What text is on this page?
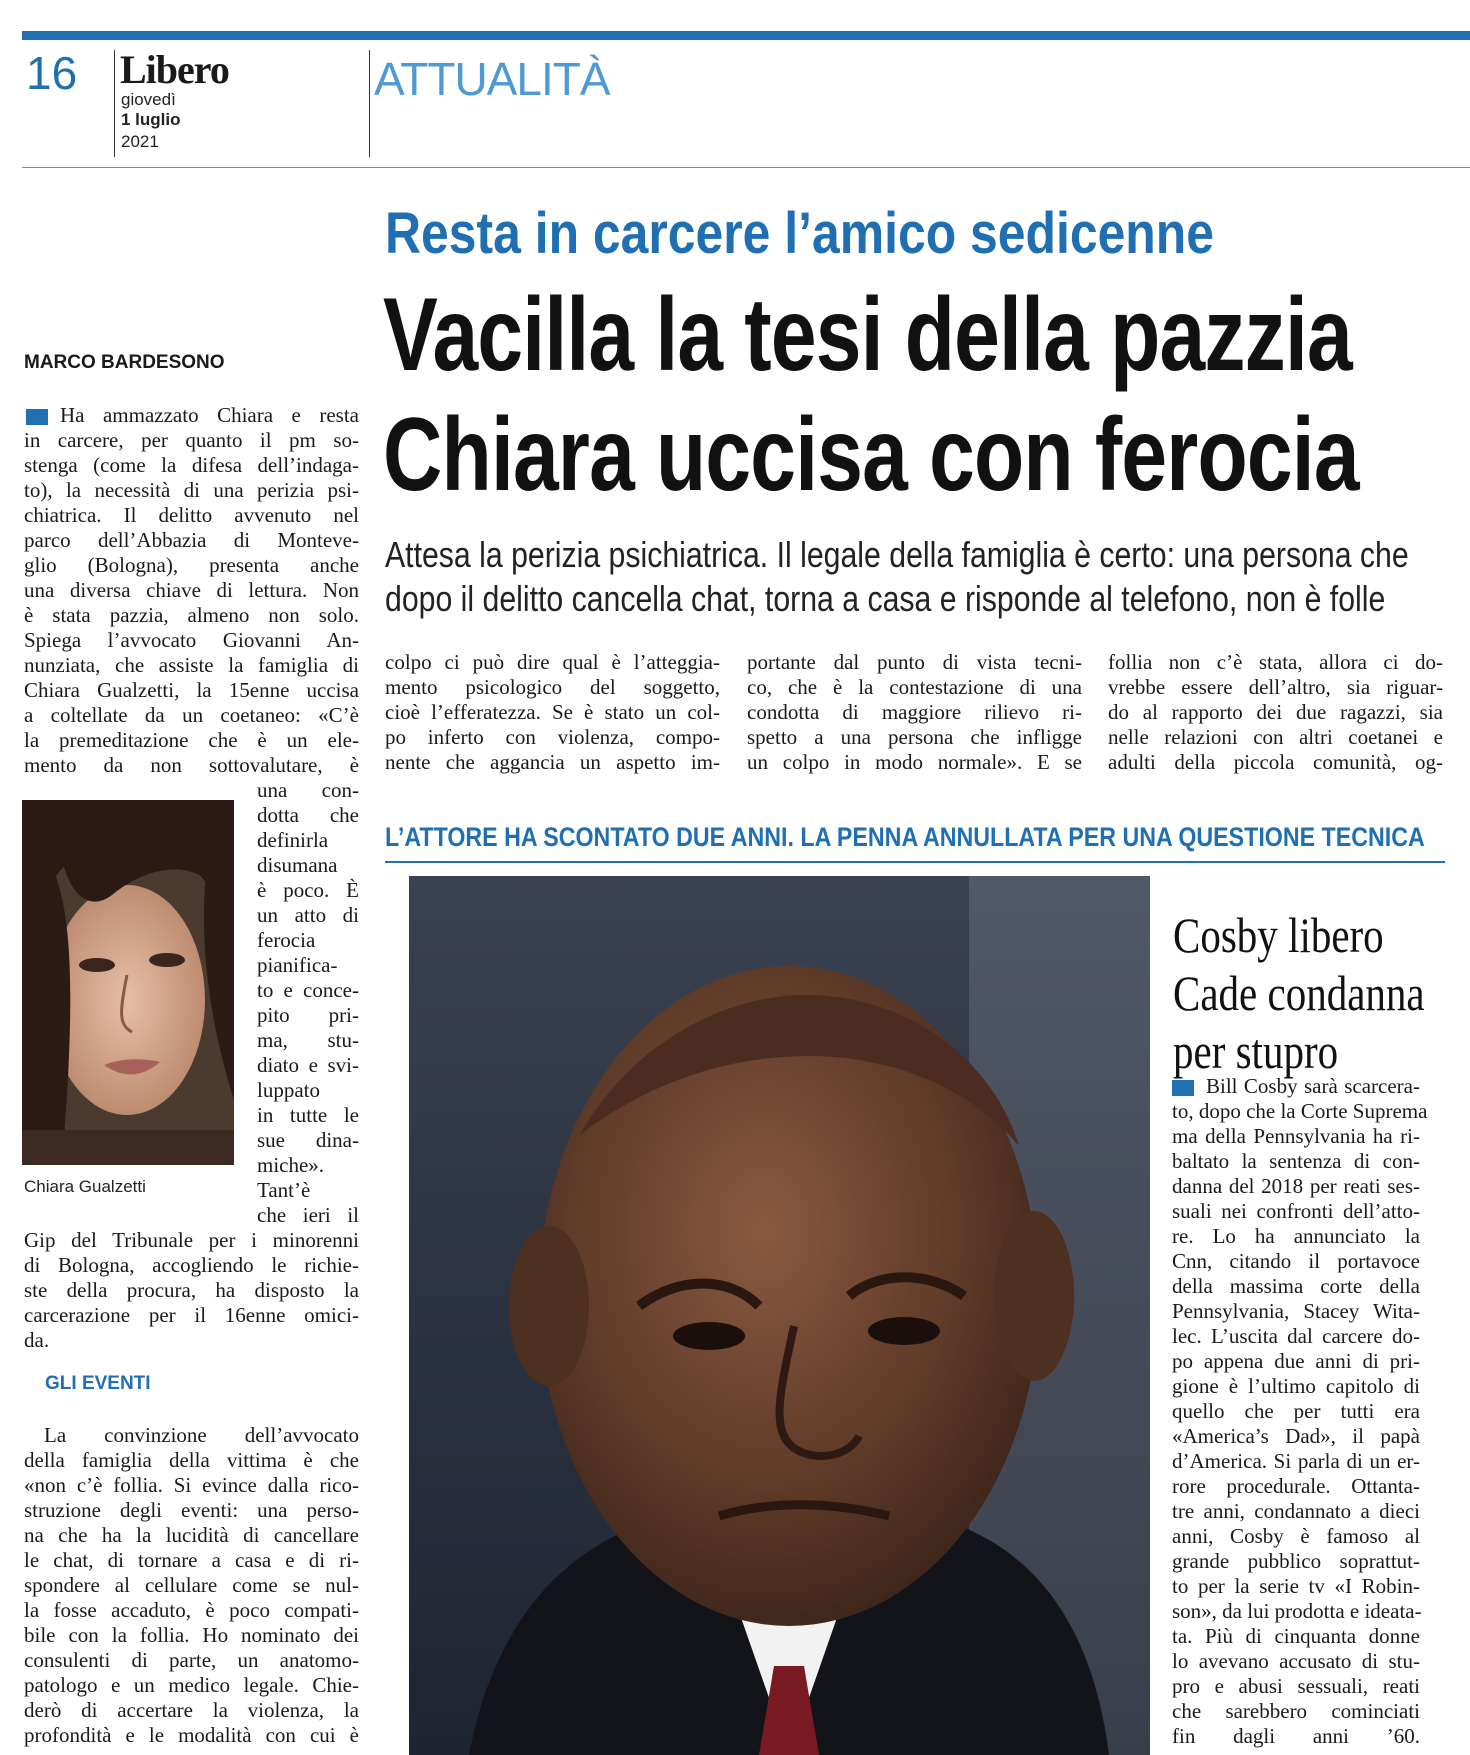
16 Libero
giovedì
1 luglio
2021
ATTUALITÀ
Resta in carcere l’amico sedicenne
Vacilla la tesi della pazzia
Chiara uccisa con ferocia
Attesa la perizia psichiatrica. Il legale della famiglia è certo: una persona che
dopo il delitto cancella chat, torna a casa e risponde al telefono, non è folle
MARCO BARDESONO
Ha ammazzato Chiara e resta
in carcere, per quanto il pm so-
stenga (come la difesa dell’indaga-
to), la necessità di una perizia psi-
chiatrica. Il delitto avvenuto nel
parco dell’Abbazia di Monteve-
glio (Bologna), presenta anche
una diversa chiave di lettura. Non
è stata pazzia, almeno non solo.
Spiega l’avvocato Giovanni An-
nunziata, che assiste la famiglia di
Chiara Gualzetti, la 15enne uccisa
a coltellate da un coetaneo: «C’è
la premeditazione che è un ele-
mento da non sottovalutare, è
una con-
dotta che
definirla
disumana
è poco. È
un atto di
ferocia
pianifica-
to e conce-
pito pri-
ma, stu-
diato e svi-
luppato
in tutte le
sue dina-
miche».
Tant’è
che ieri il
Gip del Tribunale per i minorenni
di Bologna, accogliendo le richie-
ste della procura, ha disposto la
carcerazione per il 16enne omici-
da.
Chiara Gualzetti
GLI EVENTI
La convinzione dell’avvocato
della famiglia della vittima è che
«non c’è follia. Si evince dalla rico-
struzione degli eventi: una perso-
na che ha la lucidità di cancellare
le chat, di tornare a casa e di ri-
spondere al cellulare come se nul-
la fosse accaduto, è poco compati-
bile con la follia. Ho nominato dei
consulenti di parte, un anatomo-
patologo e un medico legale. Chie-
derò di accertare la violenza, la
profondità e le modalità con cui è
colpo ci può dire qual è l’atteggia-
mento psicologico del soggetto,
cioè l’efferatezza. Se è stato un col-
po inferto con violenza, compo-
nente che aggancia un aspetto im-
portante dal punto di vista tecni-
co, che è la contestazione di una
condotta di maggiore rilievo ri-
spetto a una persona che infligge
un colpo in modo normale». E se
follia non c’è stata, allora ci do-
vrebbe essere dell’altro, sia riguar-
do al rapporto dei due ragazzi, sia
nelle relazioni con altri coetanei e
adulti della piccola comunità, og-
L’ATTORE HA SCONTATO DUE ANNI. LA PENNA ANNULLATA PER UNA QUESTIONE TECNICA
Cosby libero
Cade condanna
per stupro
Bill Cosby sarà scarcera-
to, dopo che la Corte Suprema
ma della Pennsylvania ha ri-
baltato la sentenza di con-
danna del 2018 per reati ses-
suali nei confronti dell’atto-
re. Lo ha annunciato la
Cnn, citando il portavoce
della massima corte della
Pennsylvania, Stacey Wita-
lec. L’uscita dal carcere do-
po appena due anni di pri-
gione è l’ultimo capitolo di
quello che per tutti era
«America’s Dad», il papà
d’America. Si parla di un er-
rore procedurale. Ottanta-
tre anni, condannato a dieci
anni, Cosby è famoso al
grande pubblico soprattut-
to per la serie tv «I Robin-
son», da lui prodotta e ideata-
ta. Più di cinquanta donne
lo avevano accusato di stu-
pro e abusi sessuali, reati
che sarebbero cominciati
fin dagli anni ’60.
